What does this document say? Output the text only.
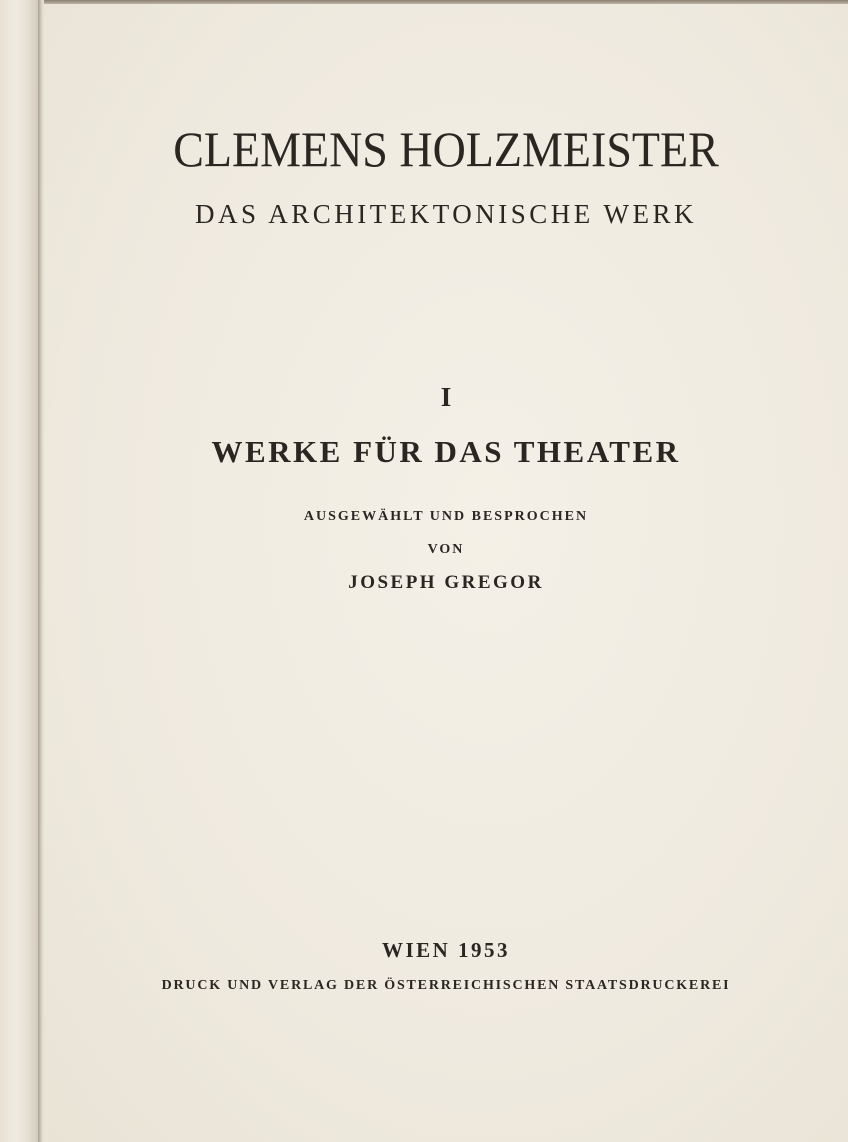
CLEMENS HOLZMEISTER
DAS ARCHITEKTONISCHE WERK
I
WERKE FÜR DAS THEATER
AUSGEWÄHLT UND BESPROCHEN
VON
JOSEPH GREGOR
WIEN 1953
DRUCK UND VERLAG DER ÖSTERREICHISCHEN STAATSDRUCKEREI
